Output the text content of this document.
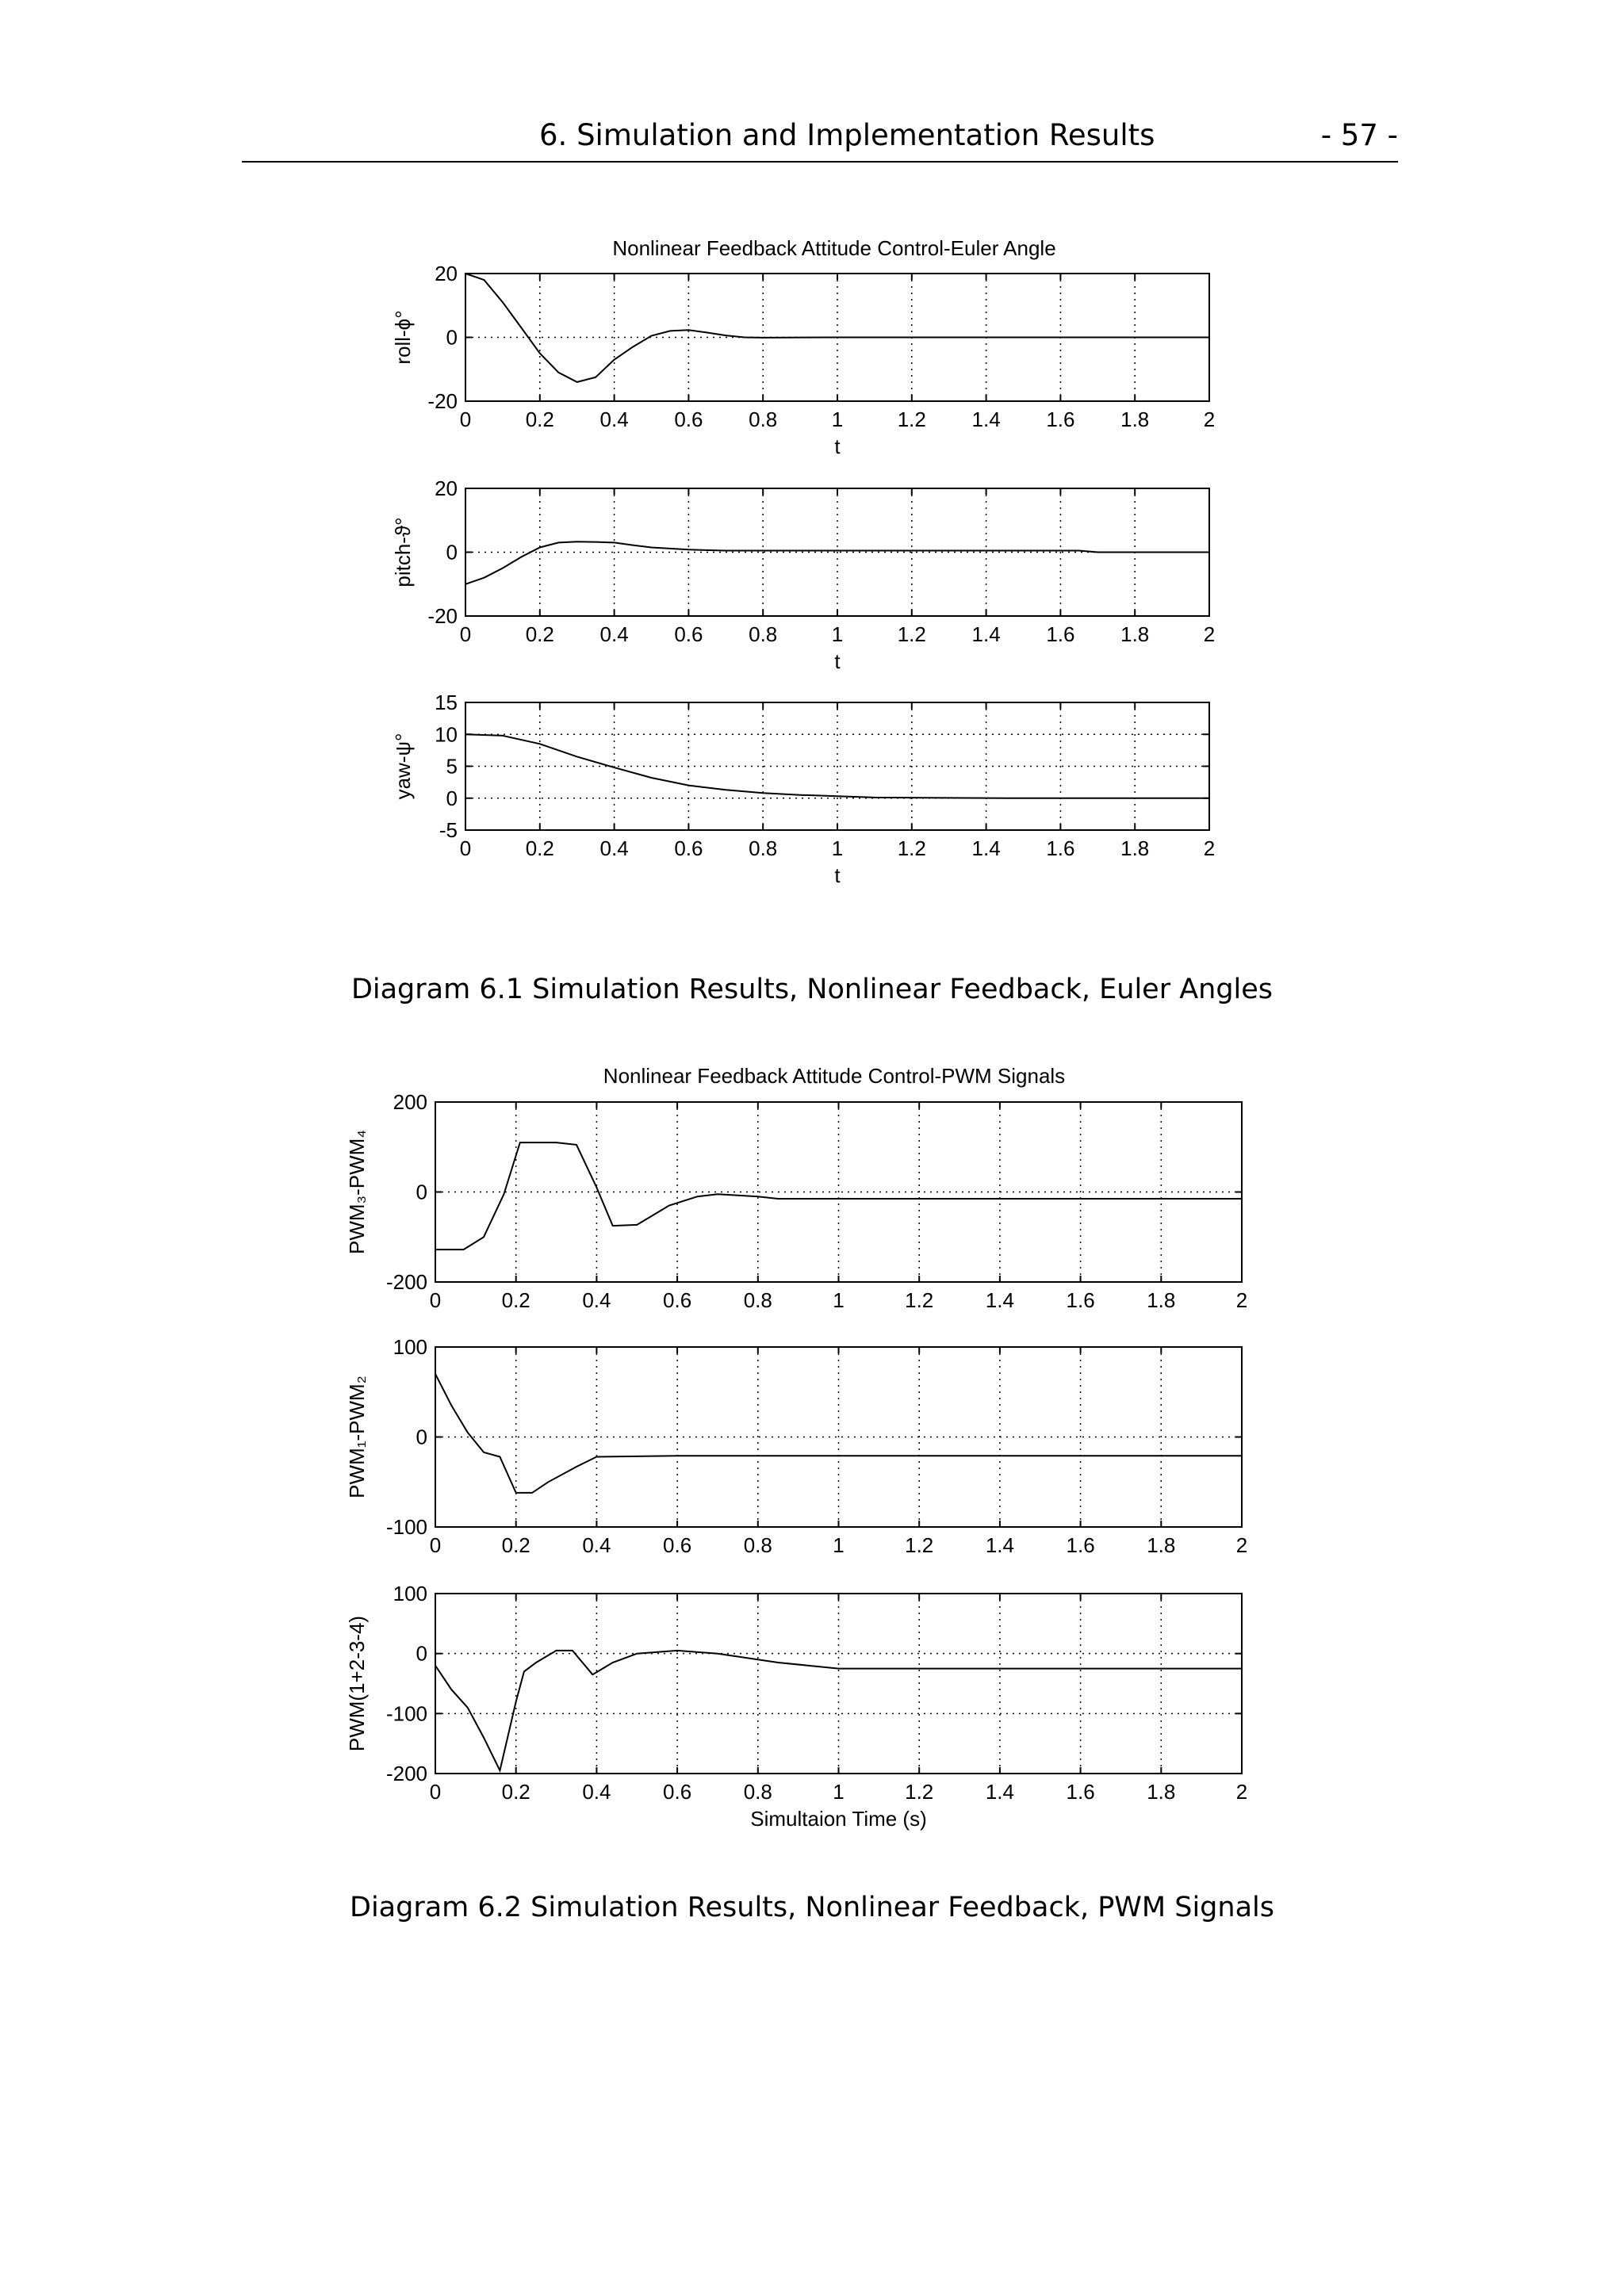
6. Simulation and Implementation Results	- 57 -
Nonlinear Feedback Attitude Control-Euler Angle
0	0.2 0.4 0.6 0.8	1	1.2 1.4 1.6 1.8	2
-20
0
20
roll-ϕ°
t
0	0.2 0.4 0.6 0.8	1	1.2 1.4 1.6 1.8	2
-20
0
20
pitch-ϑ°
t
0	0.2 0.4 0.6 0.8	1	1.2 1.4 1.6 1.8	2
-5
0
5
10
15
yaw-ψ°
t
Diagram 6.1 Simulation Results, Nonlinear Feedback, Euler Angles
Nonlinear Feedback Attitude Control-PWM Signals
0	0.2	0.4	0.6	0.8	1	1.2	1.4	1.6	1.8	2
-200
0
200
PWM₃-PWM₄
0	0.2	0.4	0.6	0.8	1	1.2	1.4	1.6	1.8	2
-100
0
100
PWM₁-PWM₂
0	0.2	0.4	0.6	0.8	1	1.2	1.4	1.6	1.8	2
-200
-100
0
100
PWM(1+2-3-4)
Simultaion Time (s)
Diagram 6.2 Simulation Results, Nonlinear Feedback, PWM Signals
